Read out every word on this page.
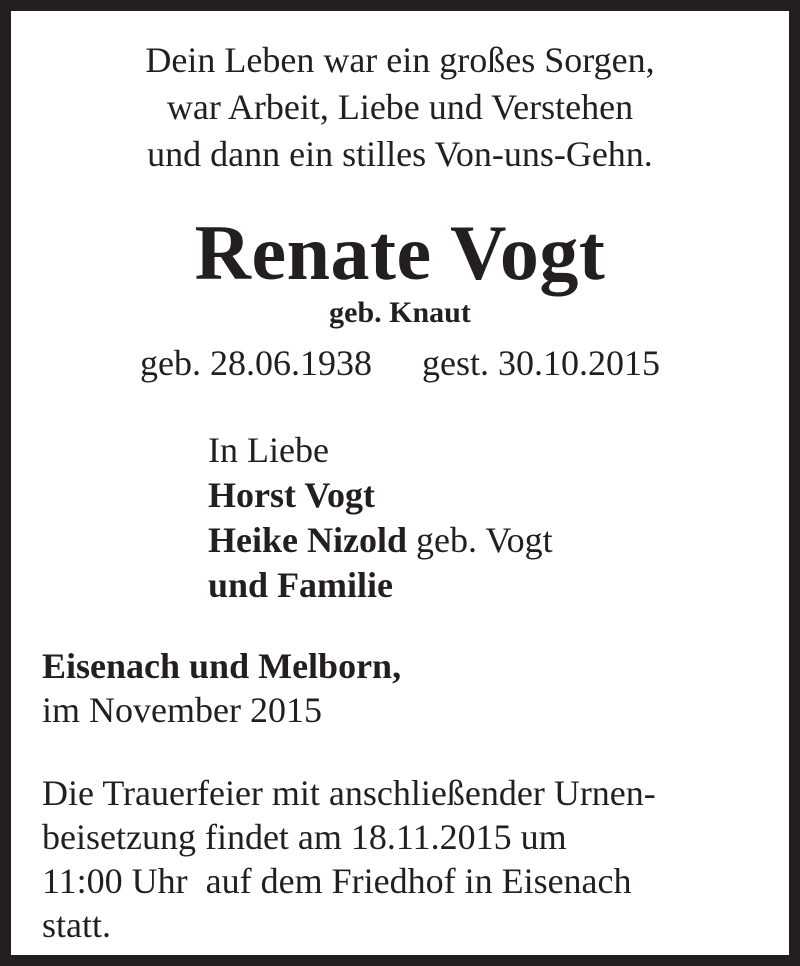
Dein Leben war ein großes Sorgen,
war Arbeit, Liebe und Verstehen
und dann ein stilles Von-uns-Gehn.
Renate Vogt
geb. Knaut
geb. 28.06.1938 gest. 30.10.2015
In Liebe
Horst Vogt
Heike Nizold geb. Vogt
und Familie
Eisenach und Melborn,
im November 2015
Die Trauerfeier mit anschließender Urnen-
beisetzung findet am 18.11.2015 um
11:00 Uhr  auf dem Friedhof in Eisenach
statt.
